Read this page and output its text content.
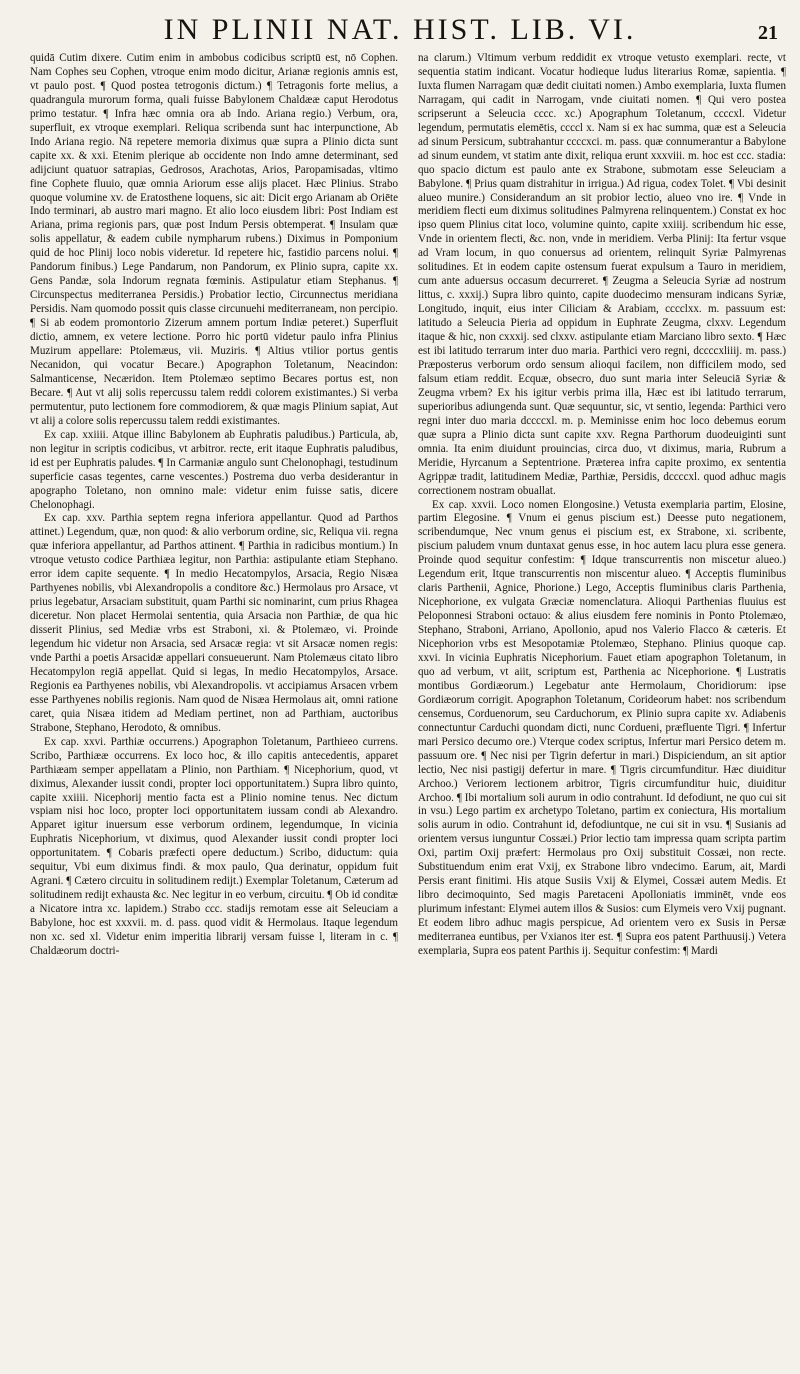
IN PLINII NAT. HIST. LIB. VI.	21

quidā Cutim dixere. Cutim enim in ambobus codicibus scriptū est, nō Cophen. Nam Cophes seu Cophen, vtroque enim modo dicitur, Arianæ regionis amnis est, vt paulo post. ¶ Quod postea tetrogonis dictum.) ¶ Tetragonis forte melius, a quadrangula murorum forma, quali fuisse Babylonem Chaldææ caput Herodotus primo testatur. ¶ Infra hæc omnia ora ab Indo. Ariana regio.) Verbum, ora, superfluit, ex vtroque exemplari. Reliqua scribenda sunt hac interpunctione, Ab Indo Ariana regio. Nā repetere memoria diximus quæ supra a Plinio dicta sunt capite xx. & xxi. Etenim plerique ab occidente non Indo amne determinant, sed adijciunt quatuor satrapias, Gedrosos, Arachotas, Arios, Paropamisadas, vltimo fine Cophete fluuio, quæ omnia Ariorum esse alijs placet. Hæc Plinius. Strabo quoque volumine xv. de Eratosthene loquens, sic ait: Dicit ergo Arianam ab Oriēte Indo terminari, ab austro mari magno. Et alio loco eiusdem libri: Post Indiam est Ariana, prima regionis pars, quæ post Indum Persis obtemperat. ¶ Insulam quæ solis appellatur, & eadem cubile nympharum rubens.) Diximus in Pomponium quid de hoc Plinij loco nobis videretur. Id repetere hic, fastidio parcens nolui. ¶ Pandorum finibus.) Lege Pandarum, non Pandorum, ex Plinio supra, capite xx. Gens Pandæ, sola Indorum regnata fœminis. Astipulatur etiam Stephanus. ¶ Circunspectus mediterranea Persidis.) Probatior lectio, Circunnectus meridiana Persidis. Nam quomodo possit quis classe circunuehi mediterraneam, non percipio. ¶ Si ab eodem promontorio Zizerum amnem portum Indiæ peteret.) Superfluit dictio, amnem, ex vetere lectione. Porro hic portū videtur paulo infra Plinius Muzirum appellare: Ptolemæus, vii. Muziris. ¶ Altius vtilior portus gentis Necanidon, qui vocatur Becare.) Apographon Toletanum, Neacindon: Salmanticense, Necæridon. Item Ptolemæo septimo Becares portus est, non Becare. ¶ Aut vt alij solis repercussu talem reddi colorem existimantes.) Si verba permutentur, puto lectionem fore commodiorem, & quæ magis Plinium sapiat, Aut vt alij a colore solis repercussu talem reddi existimantes.

Ex cap. xxiiii. Atque illinc Babylonem ab Euphratis paludibus.) Particula, ab, non legitur in scriptis codicibus, vt arbitror. recte, erit itaque Euphratis paludibus, id est per Euphratis paludes. ¶ In Carmaniæ angulo sunt Chelonophagi, testudinum superficie casas tegentes, carne vescentes.) Postrema duo verba desiderantur in apographo Toletano, non omnino male: videtur enim fuisse satis, dicere Chelonophagi.

Ex cap. xxv. Parthia septem regna inferiora appellantur. Quod ad Parthos attinet.) Legendum, quæ, non quod: & alio verborum ordine, sic, Reliqua vii. regna quæ inferiora appellantur, ad Parthos attinent. ¶ Parthia in radicibus montium.) In vtroque vetusto codice Parthiæa legitur, non Parthia: astipulante etiam Stephano. error idem capite sequente. ¶ In medio Hecatompylos, Arsacia, Regio Nisæa Parthyenes nobilis, vbi Alexandropolis a conditore &c.) Hermolaus pro Arsace, vt prius legebatur, Arsaciam substituit, quam Parthi sic nominarint, cum prius Rhagea diceretur. Non placet Hermolai sententia, quia Arsacia non Parthiæ, de qua hic disserit Plinius, sed Mediæ vrbs est Straboni, xi. & Ptolemæo, vi. Proinde legendum hic videtur non Arsacia, sed Arsacæ regia: vt sit Arsacæ nomen regis: vnde Parthi a poetis Arsacidæ appellari consueuerunt. Nam Ptolemæus citato libro Hecatompylon regiā appellat. Quid si legas, In medio Hecatompylos, Arsace. Regionis ea Parthyenes nobilis, vbi Alexandropolis. vt accipiamus Arsacen vrbem esse Parthyenes nobilis regionis. Nam quod de Nisæa Hermolaus ait, omni ratione caret, quia Nisæa itidem ad Mediam pertinet, non ad Parthiam, auctoribus Strabone, Stephano, Herodoto, & omnibus.

Ex cap. xxvi. Parthiæ occurrens.) Apographon Toletanum, Parthieeo currens. Scribo, Parthiææ occurrens. Ex loco hoc, & illo capitis antecedentis, apparet Parthiæam semper appellatam a Plinio, non Parthiam. ¶ Nicephorium, quod, vt diximus, Alexander iussit condi, propter loci opportunitatem.) Supra libro quinto, capite xxiiii. Nicephorij mentio facta est a Plinio nomine tenus. Nec dictum vspiam nisi hoc loco, propter loci opportunitatem iussam condi ab Alexandro. Apparet igitur inuersum esse verborum ordinem, legendumque, In vicinia Euphratis Nicephorium, vt diximus, quod Alexander iussit condi propter loci opportunitatem. ¶ Cobaris præfecti opere deductum.) Scribo, diductum: quia sequitur, Vbi eum diximus findi. & mox paulo, Qua derinatur, oppidum fuit Agrani. ¶ Cætero circuitu in solitudinem redijt.) Exemplar Toletanum, Cæterum ad solitudinem redijt exhausta &c. Nec legitur in eo verbum, circuitu. ¶ Ob id conditæ a Nicatore intra xc. lapidem.) Strabo ccc. stadijs remotam esse ait Seleuciam a Babylone, hoc est xxxvii. m. d. pass. quod vidit & Hermolaus. Itaque legendum non xc. sed xl. Videtur enim imperitia librarij versam fuisse l, literam in c. ¶ Chaldæorum doctri-

na clarum.) Vltimum verbum reddidit ex vtroque vetusto exemplari. recte, vt sequentia statim indicant. Vocatur hodieque ludus literarius Romæ, sapientia. ¶ Iuxta flumen Narragam quæ dedit ciuitati nomen.) Ambo exemplaria, Iuxta flumen Narragam, qui cadit in Narrogam, vnde ciuitati nomen. ¶ Qui vero postea scripserunt a Seleucia cccc. xc.) Apographum Toletanum, ccccxl. Videtur legendum, permutatis elemētis, ccccl x. Nam si ex hac summa, quæ est a Seleucia ad sinum Persicum, subtrahantur ccccxci. m. pass. quæ connumerantur a Babylone ad sinum eundem, vt statim ante dixit, reliqua erunt xxxviii. m. hoc est ccc. stadia: quo spacio dictum est paulo ante ex Strabone, submotam esse Seleuciam a Babylone. ¶ Prius quam distrahitur in irrigua.) Ad rigua, codex Tolet. ¶ Vbi desinit alueo munire.) Considerandum an sit probior lectio, alueo vno ire. ¶ Vnde in meridiem flecti eum diximus solitudines Palmyrena relinquentem.) Constat ex hoc ipso quem Plinius citat loco, volumine quinto, capite xxiiij. scribendum hic esse, Vnde in orientem flecti, &c. non, vnde in meridiem. Verba Plinij: Ita fertur vsque ad Vram locum, in quo conuersus ad orientem, relinquit Syriæ Palmyrenas solitudines. Et in eodem capite ostensum fuerat expulsum a Tauro in meridiem, cum ante aduersus occasum decurreret. ¶ Zeugma a Seleucia Syriæ ad nostrum littus, c. xxxij.) Supra libro quinto, capite duodecimo mensuram indicans Syriæ, Longitudo, inquit, eius inter Ciliciam & Arabiam, cccclxx. m. passuum est: latitudo a Seleucia Pieria ad oppidum in Euphrate Zeugma, clxxv. Legendum itaque & hic, non cxxxij. sed clxxv. astipulante etiam Marciano libro sexto. ¶ Hæc est ibi latitudo terrarum inter duo maria. Parthici vero regni, dccccxliiij. m. pass.) Præposterus verborum ordo sensum alioqui facilem, non difficilem modo, sed falsum etiam reddit. Ecquæ, obsecro, duo sunt maria inter Seleuciā Syriæ & Zeugma vrbem? Ex his igitur verbis prima illa, Hæc est ibi latitudo terrarum, superioribus adiungenda sunt. Quæ sequuntur, sic, vt sentio, legenda: Parthici vero regni inter duo maria dccccxl. m. p. Meminisse enim hoc loco debemus eorum quæ supra a Plinio dicta sunt capite xxv. Regna Parthorum duodeuiginti sunt omnia. Ita enim diuidunt prouincias, circa duo, vt diximus, maria, Rubrum a Meridie, Hyrcanum a Septentrione. Præterea infra capite proximo, ex sententia Agrippæ tradit, latitudinem Mediæ, Parthiæ, Persidis, dccccxl. quod adhuc magis correctionem nostram obuallat.

Ex cap. xxvii. Loco nomen Elongosine.) Vetusta exemplaria partim, Elosine, partim Elegosine. ¶ Vnum ei genus piscium est.) Deesse puto negationem, scribendumque, Nec vnum genus ei piscium est, ex Strabone, xi. scribente, piscium paludem vnum duntaxat genus esse, in hoc autem lacu plura esse genera. Proinde quod sequitur confestim: ¶ Idque transcurrentis non miscetur alueo.) Legendum erit, Itque transcurrentis non miscentur alueo. ¶ Acceptis fluminibus claris Parthenii, Agnice, Phorione.) Lego, Acceptis fluminibus claris Parthenia, Nicephorione, ex vulgata Græciæ nomenclatura. Alioqui Parthenias fluuius est Peloponnesi Straboni octauo: & alius eiusdem fere nominis in Ponto Ptolemæo, Stephano, Straboni, Arriano, Apollonio, apud nos Valerio Flacco & cæteris. Et Nicephorion vrbs est Mesopotamiæ Ptolemæo, Stephano. Plinius quoque cap. xxvi. In vicinia Euphratis Nicephorium. Fauet etiam apographon Toletanum, in quo ad verbum, vt aiit, scriptum est, Parthenia ac Nicephorione. ¶ Lustratis montibus Gordiæorum.) Legebatur ante Hermolaum, Choridiorum: ipse Gordiæorum corrigit. Apographon Toletanum, Corideorum habet: nos scribendum censemus, Corduenorum, seu Carduchorum, ex Plinio supra capite xv. Adiabenis connectuntur Carduchi quondam dicti, nunc Cordueni, præfluente Tigri. ¶ Infertur mari Persico decumo ore.) Vterque codex scriptus, Infertur mari Persico detem m. passuum ore. ¶ Nec nisi per Tigrin defertur in mari.) Dispiciendum, an sit aptior lectio, Nec nisi pastigij defertur in mare. ¶ Tigris circumfunditur. Hæc diuiditur Archoo.) Veriorem lectionem arbitror, Tigris circumfunditur huic, diuiditur Archoo. ¶ Ibi mortalium soli aurum in odio contrahunt. Id defodiunt, ne quo cui sit in vsu.) Lego partim ex archetypo Toletano, partim ex coniectura, His mortalium solis aurum in odio. Contrahunt id, defodiuntque, ne cui sit in vsu. ¶ Susianis ad orientem versus iunguntur Cossæi.) Prior lectio tam impressa quam scripta partim Oxi, partim Oxij præfert: Hermolaus pro Oxij substituit Cossæi, non recte. Substituendum enim erat Vxij, ex Strabone libro vndecimo. Earum, ait, Mardi Persis erant finitimi. His atque Susiis Vxij & Elymei, Cossæi autem Medis. Et libro decimoquinto, Sed magis Paretaceni Apolloniatis imminēt, vnde eos plurimum infestant: Elymei autem illos & Susios: cum Elymeis vero Vxij pugnant. Et eodem libro adhuc magis perspicue, Ad orientem vero ex Susis in Persæ mediterranea euntibus, per Vxianos iter est. ¶ Supra eos patent Parthuusij.) Vetera exemplaria, Supra eos patent Parthis ij. Sequitur confestim: ¶ Mardi
